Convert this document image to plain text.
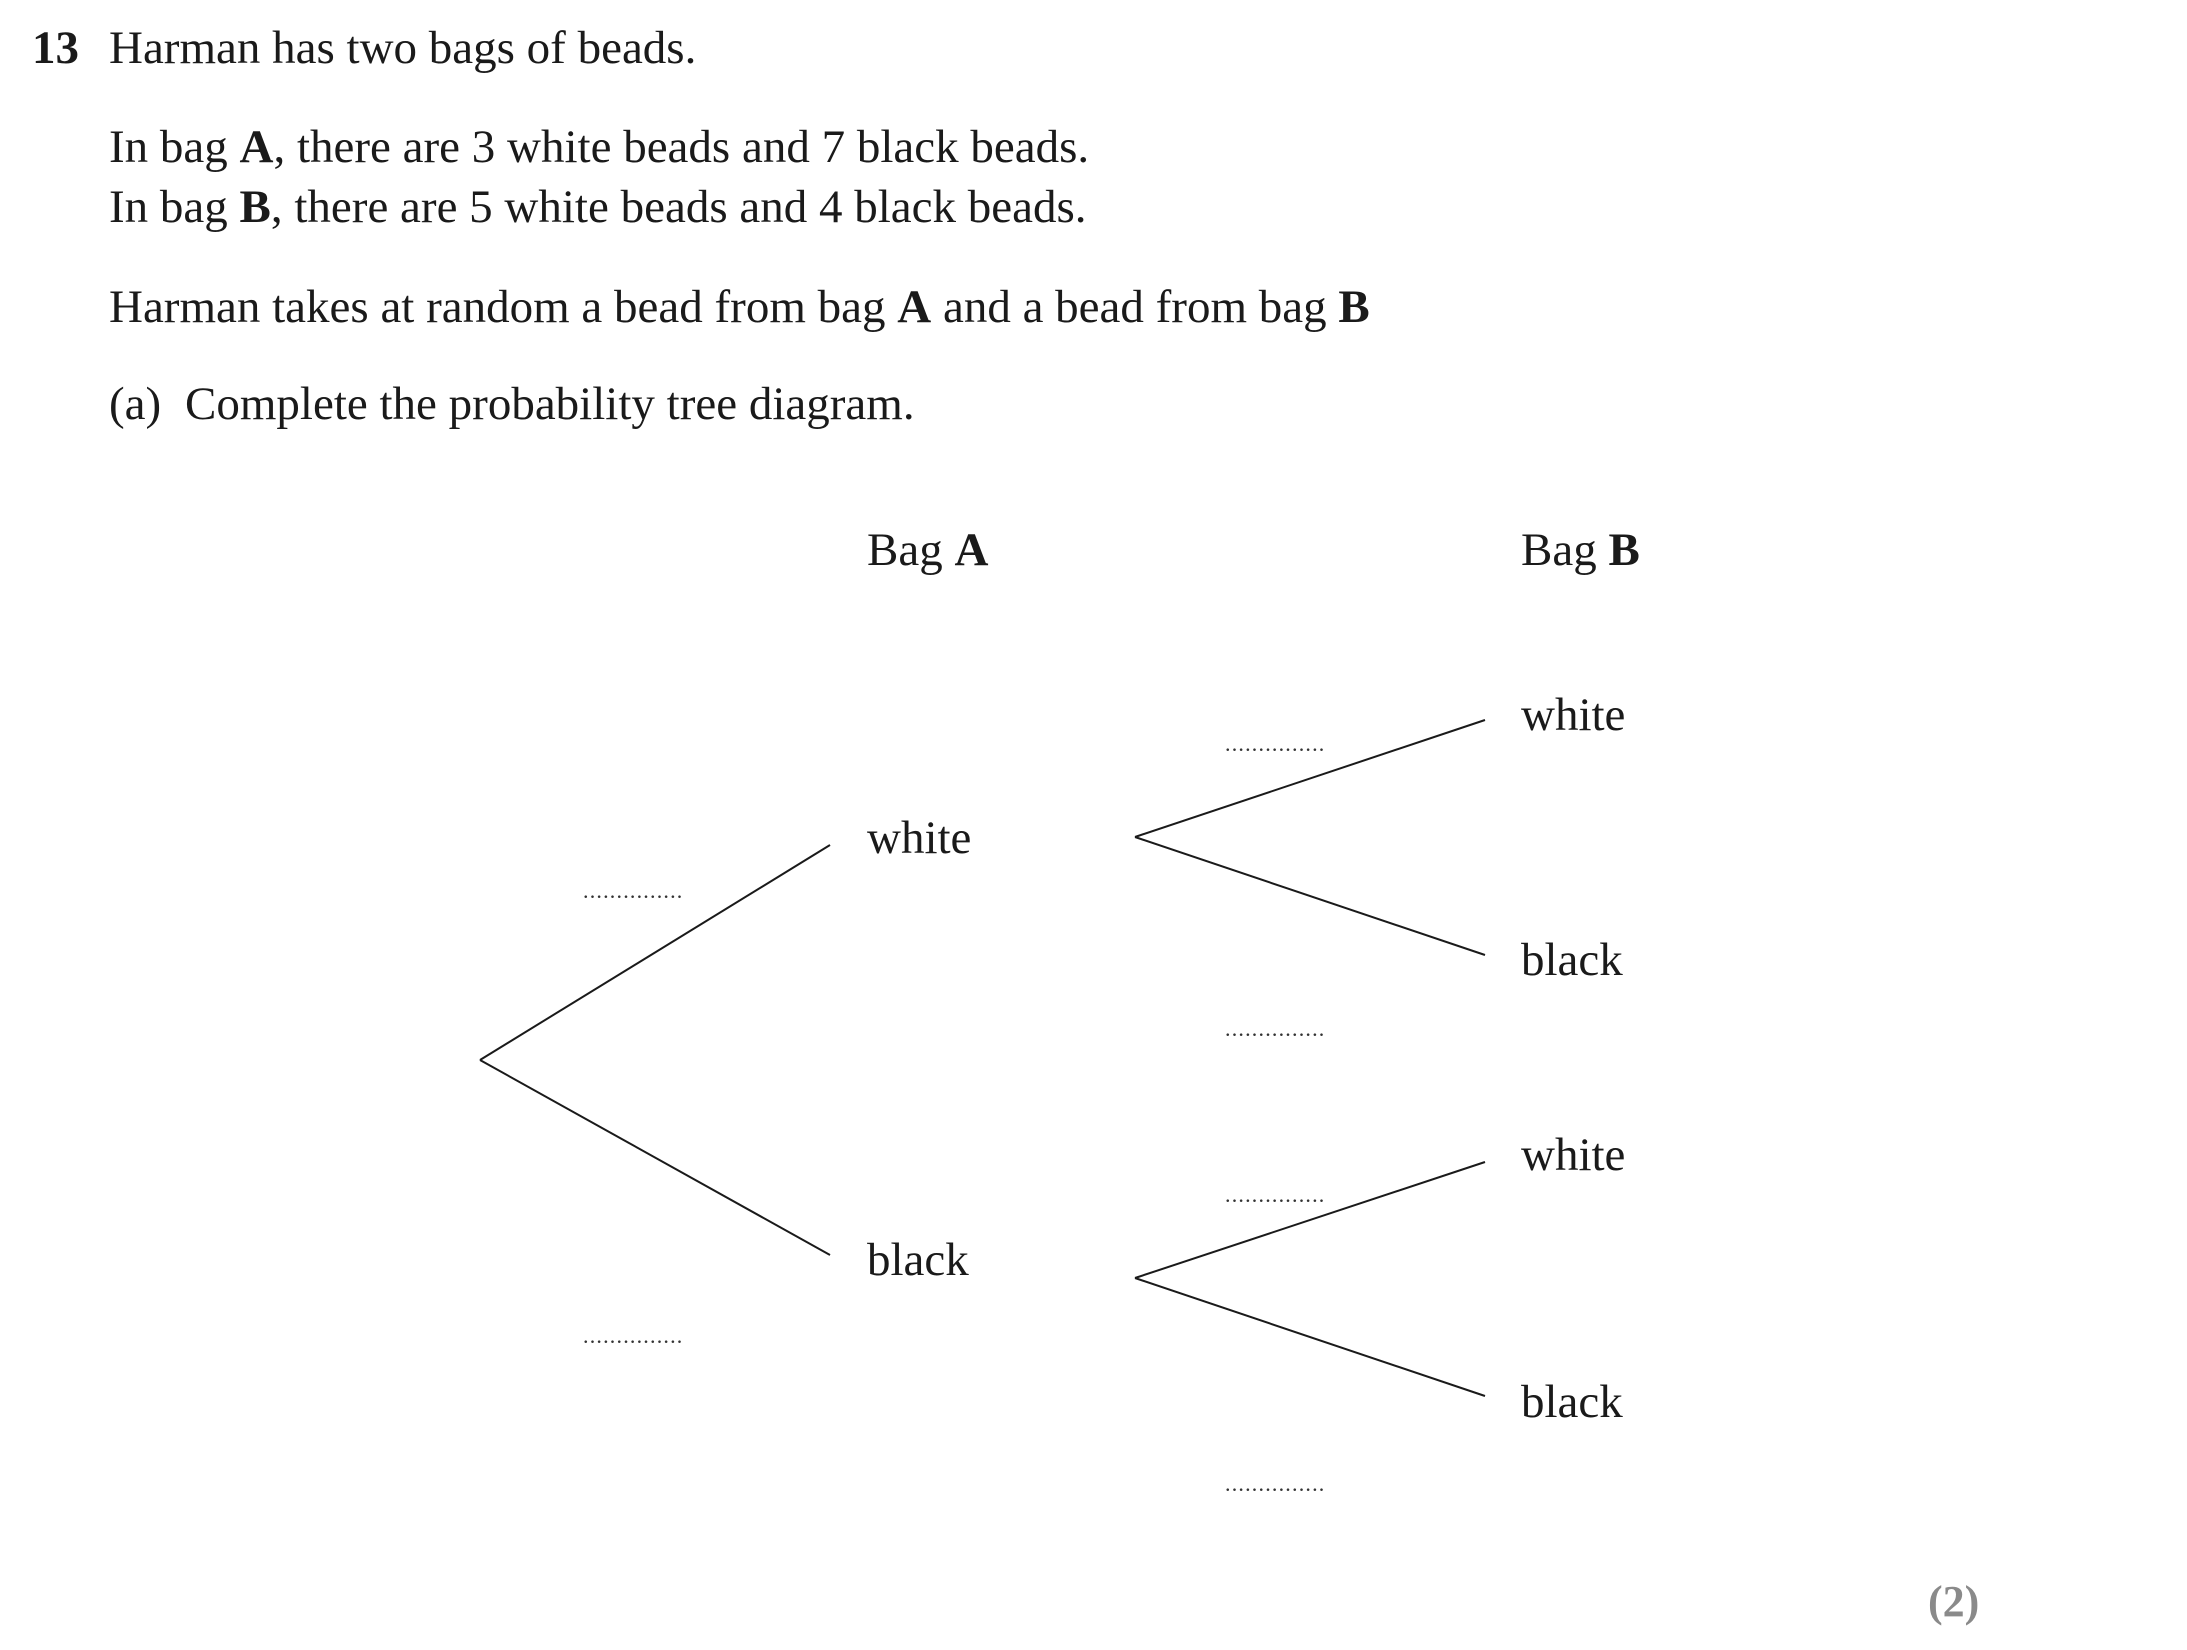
13 Harman has two bags of beads.
In bag A, there are 3 white beads and 7 black beads.
In bag B, there are 5 white beads and 4 black beads.
Harman takes at random a bead from bag A and a bead from bag B
(a) Complete the probability tree diagram.
Bag A	Bag B
white
black
white
black
white
black
...............
...............
...............
...............
...............
...............
(2)
